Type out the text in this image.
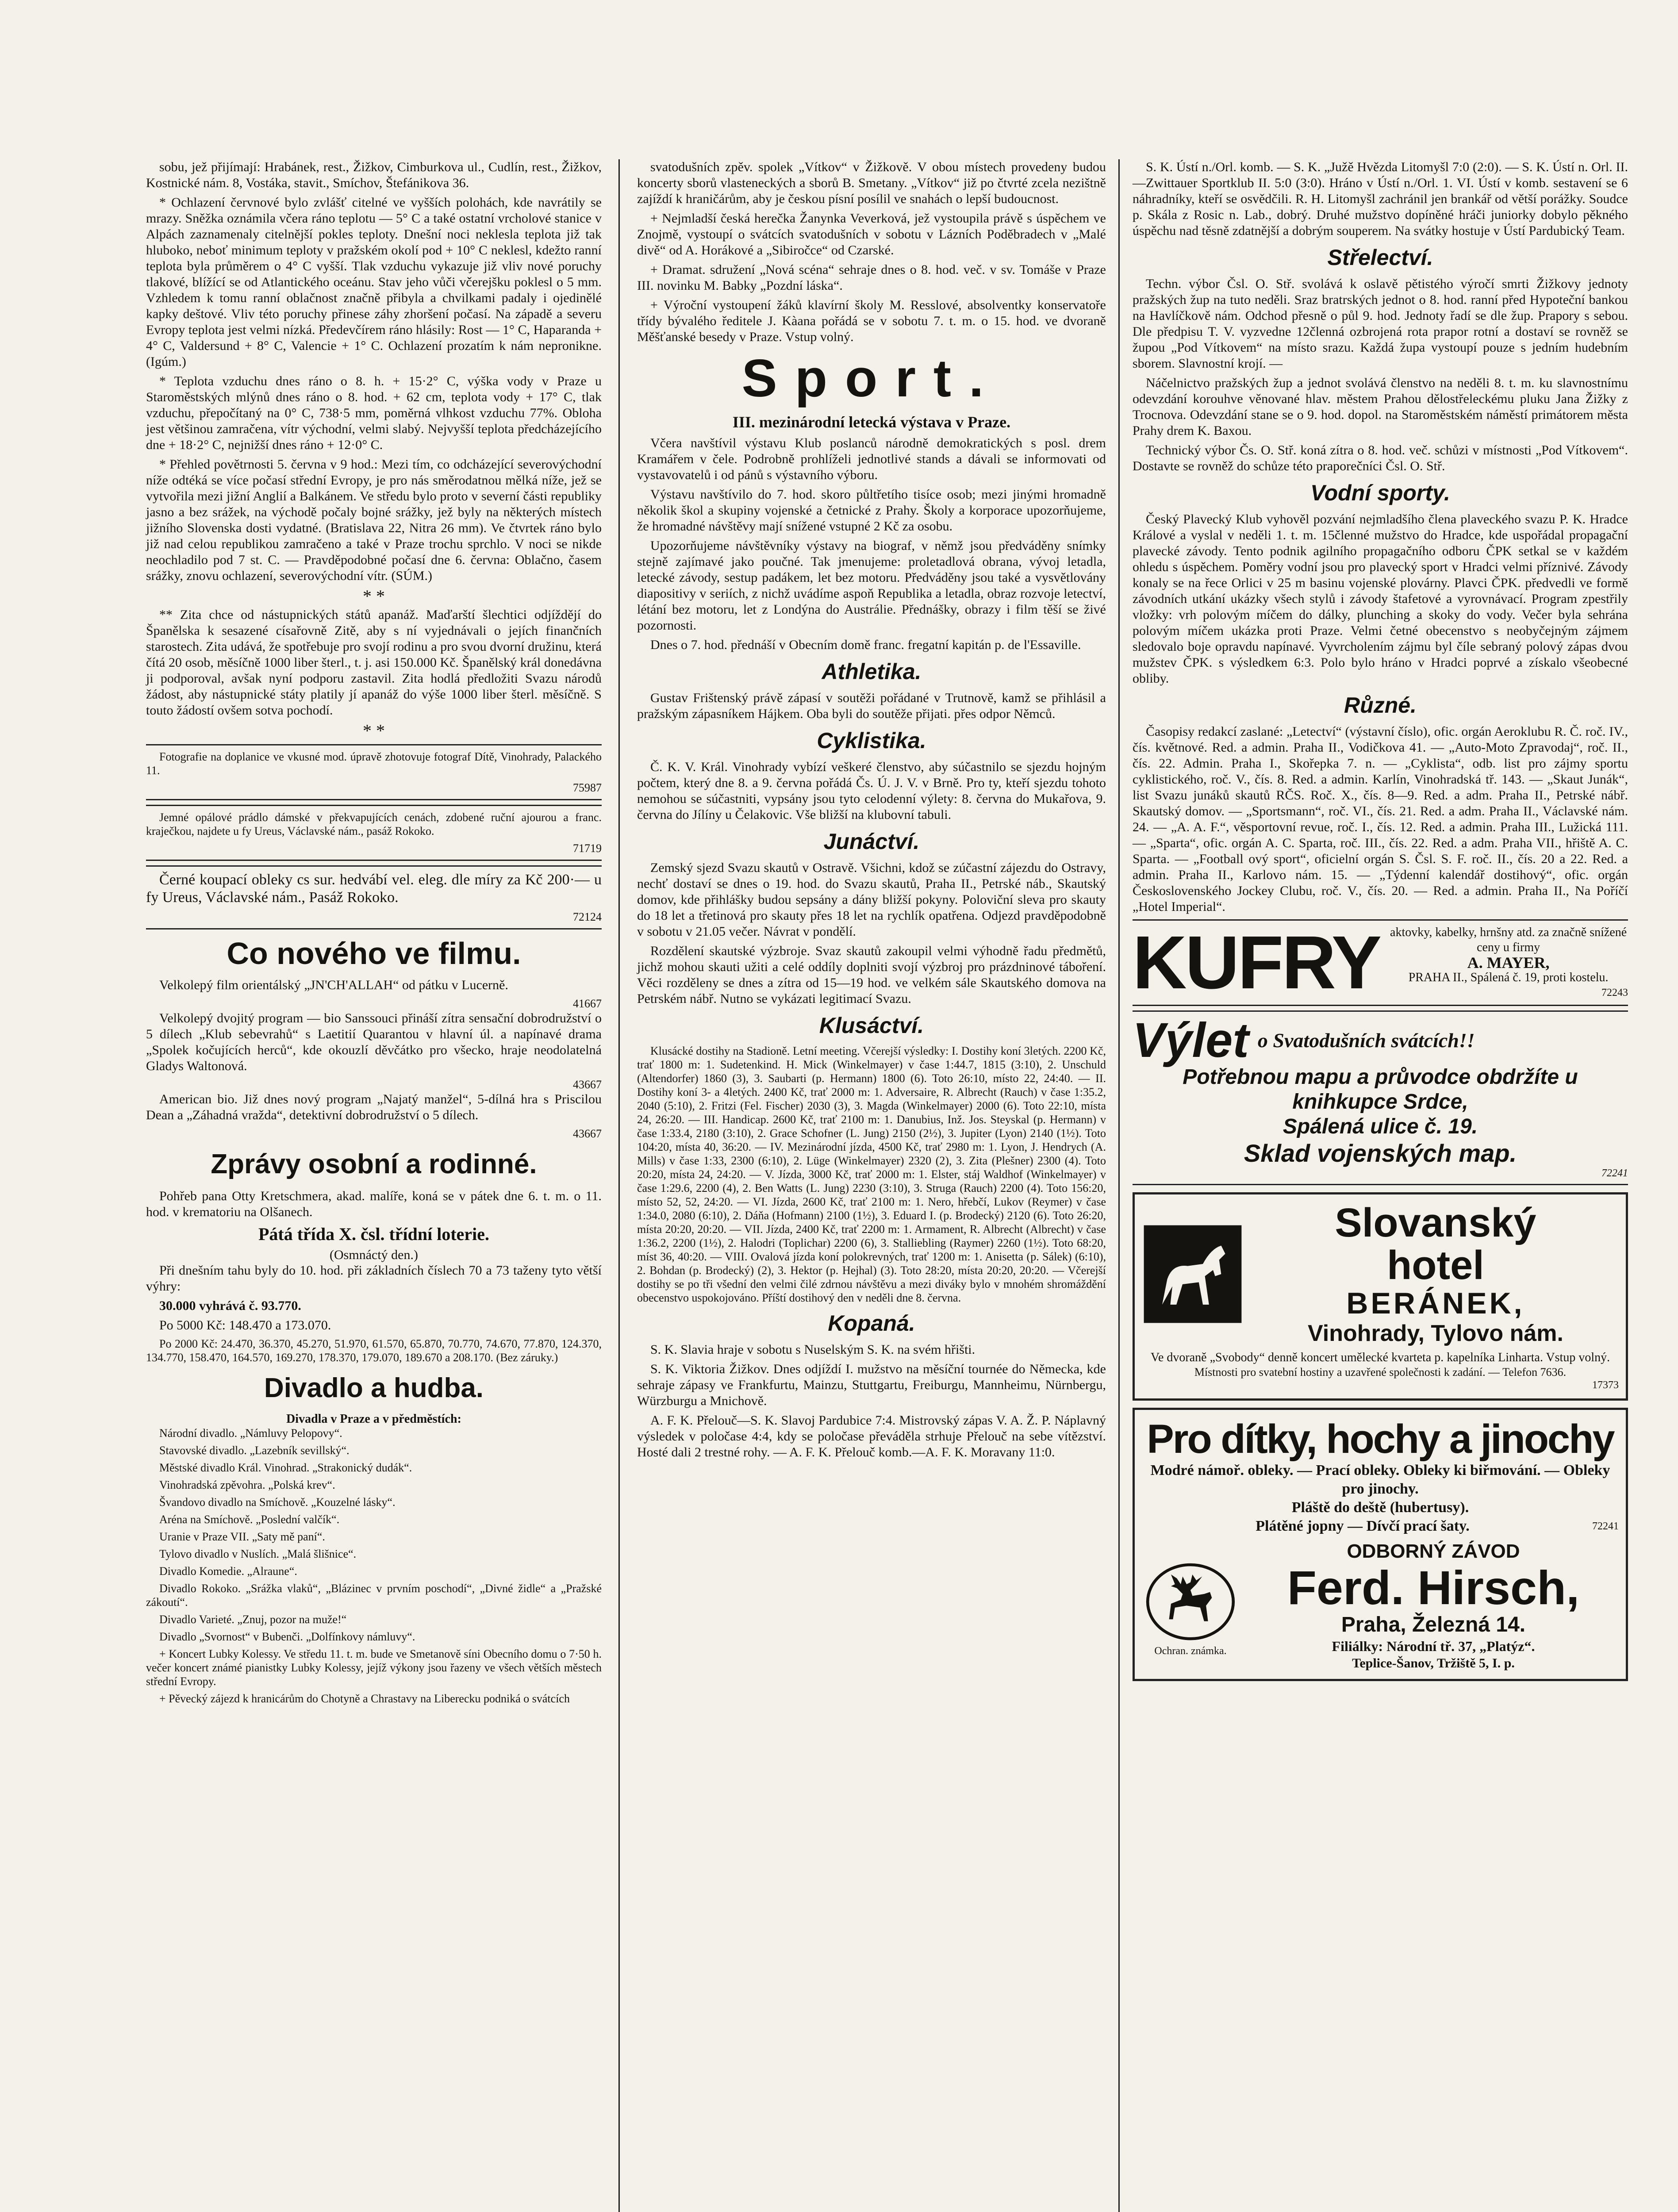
sobu, jež přijímají: Hrabánek, rest., Žižkov, Cimburkova ul., Cudlín, rest., Žižkov, Kostnické nám. 8, Vostáka, stavit., Smíchov, Štefánikova 36.

* Ochlazení červnové bylo zvlášť citelné ve vyšších polohách, kde navrátily se mrazy. Sněžka oznámila včera ráno teplotu — 5° C a také ostatní vrcholové stanice v Alpách zaznamenaly citelnější pokles teploty. Dnešní noci neklesla teplota již tak hluboko, neboť minimum teploty v pražském okolí pod + 10° C neklesl, kdežto ranní teplota byla průměrem o 4° C vyšší. Tlak vzduchu vykazuje již vliv nové poruchy tlakové, blížící se od Atlantického oceánu. Stav jeho vůči včerejšku poklesl o 5 mm. Vzhledem k tomu ranní oblačnost značně přibyla a chvilkami padaly i ojedinělé kapky deštové. Vliv této poruchy přinese záhy zhoršení počasí. Na západě a severu Evropy teplota jest velmi nízká. Předevčírem ráno hlásily: Rost — 1° C, Haparanda + 4° C, Valdersund + 8° C, Valencie + 1° C. Ochlazení prozatím k nám nepronikne. (Igúm.)

* Teplota vzduchu dnes ráno o 8. h. + 15·2° C, výška vody v Praze u Staroměstských mlýnů dnes ráno o 8. hod. + 62 cm, teplota vody + 17° C, tlak vzduchu, přepočítaný na 0° C, 738·5 mm, poměrná vlhkost vzduchu 77%. Obloha jest většinou zamračena, vítr východní, velmi slabý. Nejvyšší teplota předcházejícího dne + 18·2° C, nejnižší dnes ráno + 12·0° C.

* Přehled povětrnosti 5. června v 9 hod.: Mezi tím, co odcházející severovýchodní níže odtéká se více počasí střední Evropy, je pro nás směrodatnou mělká níže, jež se vytvořila mezi jižní Anglií a Balkánem. Ve středu bylo proto v severní části republiky jasno a bez srážek, na východě počaly bojné srážky, jež byly na některých místech jižního Slovenska dosti vydatné. (Bratislava 22, Nitra 26 mm). Ve čtvrtek ráno bylo již nad celou republikou zamračeno a také v Praze trochu sprchlo. V noci se nikde neochladilo pod 7 st. C. — Pravděpodobné počasí dne 6. června: Oblačno, časem srážky, znovu ochlazení, severovýchodní vítr. (SÚM.)

* *

** Zita chce od nástupnických států apanáž. Maďarští šlechtici odjíždějí do Španělska k sesazené císařovně Zitě, aby s ní vyjednávali o jejích finančních starostech. Zita udává, že spotřebuje pro svojí rodinu a pro svou dvorní družinu, která čítá 20 osob, měsíčně 1000 liber šterl., t. j. asi 150.000 Kč. Španělský král donedávna ji podporoval, avšak nyní podporu zastavil. Zita hodlá předložiti Svazu národů žádost, aby nástupnické státy platily jí apanáž do výše 1000 liber šterl. měsíčně. S touto žádostí ovšem sotva pochodí.

* *

Fotografie na doplanice ve vkusné mod. úpravě zhotovuje fotograf Dítě, Vinohrady, Palackého 11.

75987

Jemné opálové prádlo dámské v překvapujících cenách, zdobené ruční ajourou a franc. kraječkou, najdete u fy Ureus, Václavské nám., pasáž Rokoko.

71719

Černé koupací obleky cs sur. hedvábí vel. eleg. dle míry za Kč 200·— u fy Ureus, Václavské nám., Pasáž Rokoko.

72124
Co nového ve filmu.

Velkolepý film orientálský „JN'CH'ALLAH“ od pátku v Lucerně.

41667

Velkolepý dvojitý program — bio Sanssouci přináší zítra sensační dobrodružství o 5 dílech „Klub sebevrahů“ s Laetitií Quarantou v hlavní úl. a napínavé drama „Spolek kočujících herců“, kde okouzlí děvčátko pro všecko, hraje neodolatelná Gladys Waltonová.

43667

American bio. Již dnes nový program „Najatý manžel“, 5-dílná hra s Priscilou Dean a „Záhadná vražda“, detektivní dobrodružství o 5 dílech.

43667
Zprávy osobní a rodinné.

Pohřeb pana Otty Kretschmera, akad. malíře, koná se v pátek dne 6. t. m. o 11. hod. v krematoriu na Olšanech.

Pátá třída X. čsl. třídní loterie.
(Osmnáctý den.)

Při dnešním tahu byly do 10. hod. při základních číslech 70 a 73 taženy tyto větší výhry:

30.000 vyhrává č. 93.770.

Po 5000 Kč: 148.470 a 173.070.

Po 2000 Kč: 24.470, 36.370, 45.270, 51.970, 61.570, 65.870, 70.770, 74.670, 77.870, 124.370, 134.770, 158.470, 164.570, 169.270, 178.370, 179.070, 189.670 a 208.170. (Bez záruky.)

Divadlo a hudba.
Divadla v Praze a v předměstích:
Národní divadlo. „Námluvy Pelopovy“.
Stavovské divadlo. „Lazebník sevillský“.
Městské divadlo Král. Vinohrad. „Strakonický dudák“.
Vinohradská zpěvohra. „Polská krev“.
Švandovo divadlo na Smíchově. „Kouzelné lásky“.
Aréna na Smíchově. „Poslední valčík“.
Uranie v Praze VII. „Saty mě paní“.
Tylovo divadlo v Nuslích. „Malá šlišnice“.
Divadlo Komedie. „Alraune“.
Divadlo Rokoko. „Srážka vlaků“, „Blázinec v prvním poschodí“, „Divné židle“ a „Pražské zákoutí“.
Divadlo Varieté. „Znuj, pozor na muže!“
Divadlo „Svornost“ v Bubenči. „Dolfínkovy námluvy“.

+ Koncert Lubky Kolessy. Ve středu 11. t. m. bude ve Smetanově síni Obecního domu o 7·50 h. večer koncert známé pianistky Lubky Kolessy, jejíž výkony jsou řazeny ve všech větších městech střední Evropy.

+ Pěvecký zájezd k hranicárům do Chotyně a Chrastavy na Liberecku podniká o svátcích

svatodušních zpěv. spolek „Vítkov“ v Žižkově. V obou místech provedeny budou koncerty sborů vlasteneckých a sborů B. Smetany. „Vítkov“ již po čtvrté zcela nezištně zajíždí k hraničárům, aby je českou písní posílil ve snahách o lepší budoucnost.

+ Nejmladší česká herečka Žanynka Veverková, jež vystoupila právě s úspěchem ve Znojmě, vystoupí o svátcích svatodušních v sobotu v Lázních Poděbradech v „Malé divě“ od A. Horákové a „Sibiročce“ od Czarské.

+ Dramat. sdružení „Nová scéna“ sehraje dnes o 8. hod. več. v sv. Tomáše v Praze III. novinku M. Babky „Pozdní láska“.

+ Výroční vystoupení žáků klavírní školy M. Resslové, absolventky konservatoře třídy bývalého ředitele J. Kàana pořádá se v sobotu 7. t. m. o 15. hod. ve dvoraně Měšťanské besedy v Praze. Vstup volný.

Sport.
III. mezinárodní letecká výstava v Praze.

Včera navštívil výstavu Klub poslanců národně demokratických s posl. drem Kramářem v čele. Podrobně prohlíželi jednotlivé stands a dávali se informovati od vystavovatelů i od pánů s výstavního výboru.

Výstavu navštívilo do 7. hod. skoro půltřetího tisíce osob; mezi jinými hromadně několik škol a skupiny vojenské a četnické z Prahy. Školy a korporace upozorňujeme, že hromadné návštěvy mají snížené vstupné 2 Kč za osobu.

Upozorňujeme návštěvníky výstavy na biograf, v němž jsou předváděny snímky stejně zajímavé jako poučné. Tak jmenujeme: proletadlová obrana, vývoj letadla, letecké závody, sestup padákem, let bez motoru. Předváděny jsou také a vysvětlovány diapositivy v seriích, z nichž uvádíme aspoň Republika a letadla, obraz rozvoje letectví, létání bez motoru, let z Londýna do Austrálie. Přednášky, obrazy i film těší se živé pozornosti.

Dnes o 7. hod. přednáší v Obecním domě franc. fregatní kapitán p. de l'Essaville.

Athletika.

Gustav Frištenský právě zápasí v soutěži pořádané v Trutnově, kamž se přihlásil a pražským zápasníkem Hájkem. Oba byli do soutěže přijati. přes odpor Němců.

Cyklistika.

Č. K. V. Král. Vinohrady vybízí veškeré členstvo, aby súčastnilo se sjezdu hojným počtem, který dne 8. a 9. června pořádá Čs. Ú. J. V. v Brně. Pro ty, kteří sjezdu tohoto nemohou se súčastniti, vypsány jsou tyto celodenní výlety: 8. června do Mukařova, 9. června do Jílíny u Čelakovic. Vše bližší na klubovní tabuli.

Junáctví.

Zemský sjezd Svazu skautů v Ostravě. Všichni, kdož se zúčastní zájezdu do Ostravy, nechť dostaví se dnes o 19. hod. do Svazu skautů, Praha II., Petrské náb., Skautský domov, kde přihlášky budou sepsány a dány bližší pokyny. Poloviční sleva pro skauty do 18 let a třetinová pro skauty přes 18 let na rychlík opatřena. Odjezd pravděpodobně v sobotu v 21.05 večer. Návrat v pondělí.

Rozdělení skautské výzbroje. Svaz skautů zakoupil velmi výhodně řadu předmětů, jichž mohou skauti užiti a celé oddíly doplniti svojí výzbroj pro prázdninové táboření. Věci rozděleny se dnes a zítra od 15—19 hod. ve velkém sále Skautského domova na Petrském nábř. Nutno se vykázati legitimací Svazu.

Klusáctví.

Klusácké dostihy na Stadioně. Letní meeting. Včerejší výsledky: I. Dostihy koní 3letých. 2200 Kč, trať 1800 m: 1. Sudetenkind. H. Mick (Winkelmayer) v čase 1:44.7, 1815 (3:10), 2. Unschuld (Altendorfer) 1860 (3), 3. Saubarti (p. Hermann) 1800 (6). Toto 26:10, místo 22, 24:40. — II. Dostihy koní 3- a 4letých. 2400 Kč, trať 2000 m: 1. Adversaire, R. Albrecht (Rauch) v čase 1:35.2, 2040 (5:10), 2. Fritzi (Fel. Fischer) 2030 (3), 3. Magda (Winkelmayer) 2000 (6). Toto 22:10, místa 24, 26:20. — III. Handicap. 2600 Kč, trať 2100 m: 1. Danubius, Inž. Jos. Steyskal (p. Hermann) v čase 1:33.4, 2180 (3:10), 2. Grace Schofner (L. Jung) 2150 (2½), 3. Jupiter (Lyon) 2140 (1½). Toto 104:20, místa 40, 36:20. — IV. Mezinárodní jízda, 4500 Kč, trať 2980 m: 1. Lyon, J. Hendrych (A. Mills) v čase 1:33, 2300 (6:10), 2. Lüge (Winkelmayer) 2320 (2), 3. Zita (Plešner) 2300 (4). Toto 20:20, místa 24, 24:20. — V. Jízda, 3000 Kč, trať 2000 m: 1. Elster, stáj Waldhof (Winkelmayer) v čase 1:29.6, 2200 (4), 2. Ben Watts (L. Jung) 2230 (3:10), 3. Struga (Rauch) 2200 (4). Toto 156:20, místo 52, 52, 24:20. — VI. Jízda, 2600 Kč, trať 2100 m: 1. Nero, hřebčí, Lukov (Reymer) v čase 1:34.0, 2080 (6:10), 2. Dáňa (Hofmann) 2100 (1½), 3. Eduard I. (p. Brodecký) 2120 (6). Toto 26:20, místa 20:20, 20:20. — VII. Jízda, 2400 Kč, trať 2200 m: 1. Armament, R. Albrecht (Albrecht) v čase 1:36.2, 2200 (1½), 2. Halodri (Toplichar) 2200 (6), 3. Stalliebling (Raymer) 2260 (1½). Toto 68:20, míst 36, 40:20. — VIII. Ovalová jízda koní polokrevných, trať 1200 m: 1. Anisetta (p. Sálek) (6:10), 2. Bohdan (p. Brodecký) (2), 3. Hektor (p. Hejhal) (3). Toto 28:20, místa 20:20, 20:20. — Včerejší dostihy se po tři všední den velmi čilé zdrnou návštěvu a mezi diváky bylo v mnohém shromáždění obecenstvo uspokojováno. Příští dostihový den v neděli dne 8. června.

Kopaná.

S. K. Slavia hraje v sobotu s Nuselským S. K. na svém hřišti.

S. K. Viktoria Žižkov. Dnes odjíždí I. mužstvo na měsíční tournée do Německa, kde sehraje zápasy ve Frankfurtu, Mainzu, Stuttgartu, Freiburgu, Mannheimu, Nürnbergu, Würzburgu a Mnichově.

A. F. K. Přelouč—S. K. Slavoj Pardubice 7:4. Mistrovský zápas V. A. Ž. P. Náplavný výsledek v poločase 4:4, kdy se poločase převáděla strhuje Přelouč na sebe vítězství. Hosté dali 2 trestné rohy. — A. F. K. Přelouč komb.—A. F. K. Moravany 11:0.

S. K. Ústí n./Orl. komb. — S. K. „Južě Hvězda Litomyšl 7:0 (2:0). — S. K. Ústí n. Orl. II.—Zwittauer Sportklub II. 5:0 (3:0). Hráno v Ústí n./Orl. 1. VI. Ústí v komb. sestavení se 6 náhradníky, kteří se osvědčili. R. H. Litomyšl zachránil jen brankář od větší porážky. Soudce p. Skála z Rosic n. Lab., dobrý. Druhé mužstvo dopíněné hráči juniorky dobylo pěkného úspěchu nad těsně zdatnější a dobrým souperem. Na svátky hostuje v Ústí Pardubický Team.

Střelectví.

Techn. výbor Čsl. O. Stř. svolává k oslavě pětistého výročí smrti Žižkovy jednoty pražských žup na tuto neděli. Sraz bratrských jednot o 8. hod. ranní před Hypoteční bankou na Havlíčkově nám. Odchod přesně o půl 9. hod. Jednoty řadí se dle žup. Prapory s sebou. Dle předpisu T. V. vyzvedne 12členná ozbrojená rota prapor rotní a dostaví se rovněž se župou „Pod Vítkovem“ na místo srazu. Každá župa vystoupí pouze s jedním hudebním sborem. Slavnostní krojí. —

Náčelnictvo pražských žup a jednot svolává členstvo na neděli 8. t. m. ku slavnostnímu odevzdání korouhve věnované hlav. městem Prahou dělostřeleckému pluku Jana Žižky z Trocnova. Odevzdání stane se o 9. hod. dopol. na Staroměstském náměstí primátorem města Prahy drem K. Baxou.

Technický výbor Čs. O. Stř. koná zítra o 8. hod. več. schůzi v místnosti „Pod Vítkovem“. Dostavte se rovněž do schůze této praporečníci Čsl. O. Stř.

Vodní sporty.

Český Plavecký Klub vyhověl pozvání nejmladšího člena plaveckého svazu P. K. Hradce Králové a vyslal v neděli 1. t. m. 15členné mužstvo do Hradce, kde uspořádal propagační plavecké závody. Tento podnik agilního propagačního odboru ČPK setkal se v každém ohledu s úspěchem. Poměry vodní jsou pro plavecký sport v Hradci velmi příznivé. Závody konaly se na řece Orlici v 25 m basinu vojenské plovárny. Plavci ČPK. předvedli ve formě závodních utkání ukázky všech stylů i závody štafetové a vyrovnávací. Program zpestřily vložky: vrh polovým míčem do dálky, plunching a skoky do vody. Večer byla sehrána polovým míčem ukázka proti Praze. Velmi četné obecenstvo s neobyčejným zájmem sledovalo boje opravdu napínavé. Vyvrcholením zájmu byl číle sebraný polový zápas dvou mužstev ČPK. s výsledkem 6:3. Polo bylo hráno v Hradci poprvé a získalo všeobecné obliby.

Různé.

Časopisy redakcí zaslané: „Letectví“ (výstavní číslo), ofic. orgán Aeroklubu R. Č. roč. IV., čís. květnové. Red. a admin. Praha II., Vodičkova 41. — „Auto-Moto Zpravodaj“, roč. II., čís. 22. Admin. Praha I., Skořepka 7. n. — „Cyklista“, odb. list pro zájmy sportu cyklistického, roč. V., čís. 8. Red. a admin. Karlín, Vinohradská tř. 143. — „Skaut Junák“, list Svazu junáků skautů RČS. Roč. X., čís. 8—9. Red. a adm. Praha II., Petrské nábř. Skautský domov. — „Sportsmann“, roč. VI., čís. 21. Red. a adm. Praha II., Václavské nám. 24. — „A. A. F.“, věsportovní revue, roč. I., čís. 12. Red. a admin. Praha III., Lužická 111. — „Sparta“, ofic. orgán A. C. Sparta, roč. III., čís. 22. Red. a adm. Praha VII., hřiště A. C. Sparta. — „Football ový sport“, oficielní orgán S. Čsl. S. F. roč. II., čís. 20 a 22. Red. a admin. Praha II., Karlovo nám. 15. — „Týdenní kalendář dostihový“, ofic. orgán Československého Jockey Clubu, roč. V., čís. 20. — Red. a admin. Praha II., Na Poříčí „Hotel Imperial“.

KUFRY aktovky, kabelky, hrnšny atd. za značně snížené ceny u firmy
A. MAYER,
PRAHA II., Spálená č. 19, proti kostelu.
72243
Výlet o Svatodušních svátcích!!
Potřebnou mapu a průvodce obdržíte u knihkupce Srdce,
Spálená ulice č. 19.
Sklad vojenských map.
72241
Slovanský
hotel
BERÁNEK,
Vinohrady, Tylovo nám.
Ve dvoraně „Svobody“ denně koncert umělecké kvarteta p. kapelníka Linharta. Vstup volný.
Místnosti pro svatební hostiny a uzavřené společnosti k zadání. — Telefon 7636.
17373
Pro dítky, hochy a jinochy
Modré námoř. obleky. — Prací obleky. Obleky ki biřmování. — Obleky pro jinochy.
Pláště do deště (hubertusy).
Plátěné jopny — Dívčí prací šaty.	72241
Ochran. známka.
ODBORNÝ ZÁVOD
Ferd. Hirsch,
Praha, Železná 14.
Filiálky: Národní tř. 37, „Platýz“.
Teplice-Šanov, Tržiště 5, I. p.
